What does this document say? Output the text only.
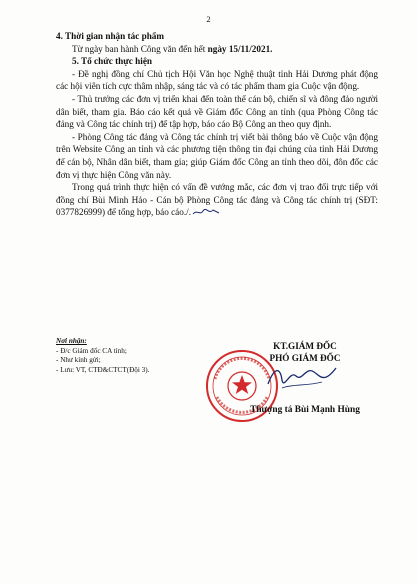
2

4. Thời gian nhận tác phẩm

Từ ngày ban hành Công văn đến hết ngày 15/11/2021.

5. Tổ chức thực hiện

- Đề nghị đồng chí Chủ tịch Hội Văn học Nghệ thuật tỉnh Hải Dương phát động các hội viên tích cực thâm nhập, sáng tác và có tác phẩm tham gia Cuộc vận động.

- Thủ trưởng các đơn vị triển khai đến toàn thể cán bộ, chiến sĩ và đông đảo người dân biết, tham gia. Báo cáo kết quả về Giám đốc Công an tỉnh (qua Phòng Công tác đảng và Công tác chính trị) để tập hợp, báo cáo Bộ Công an theo quy định.

- Phòng Công tác đảng và Công tác chính trị viết bài thông báo về Cuộc vận động trên Website Công an tỉnh và các phương tiện thông tin đại chúng của tỉnh Hải Dương để cán bộ, Nhân dân biết, tham gia; giúp Giám đốc Công an tỉnh theo dõi, đôn đốc các đơn vị thực hiện Công văn này.

Trong quá trình thực hiện có vấn đề vướng mắc, các đơn vị trao đổi trực tiếp với đồng chí Bùi Minh Hảo - Cán bộ Phòng Công tác đảng và Công tác chính trị (SĐT: 0377826999) để tổng hợp, báo cáo./.

Nơi nhận:
- Đ/c Giám đốc CA tỉnh;
- Như kính gửi;
- Lưu: VT, CTĐ&CTCT(Đội 3).
KT.GIÁM ĐỐC
PHÓ GIÁM ĐỐC
Thượng tá Bùi Mạnh Hùng
